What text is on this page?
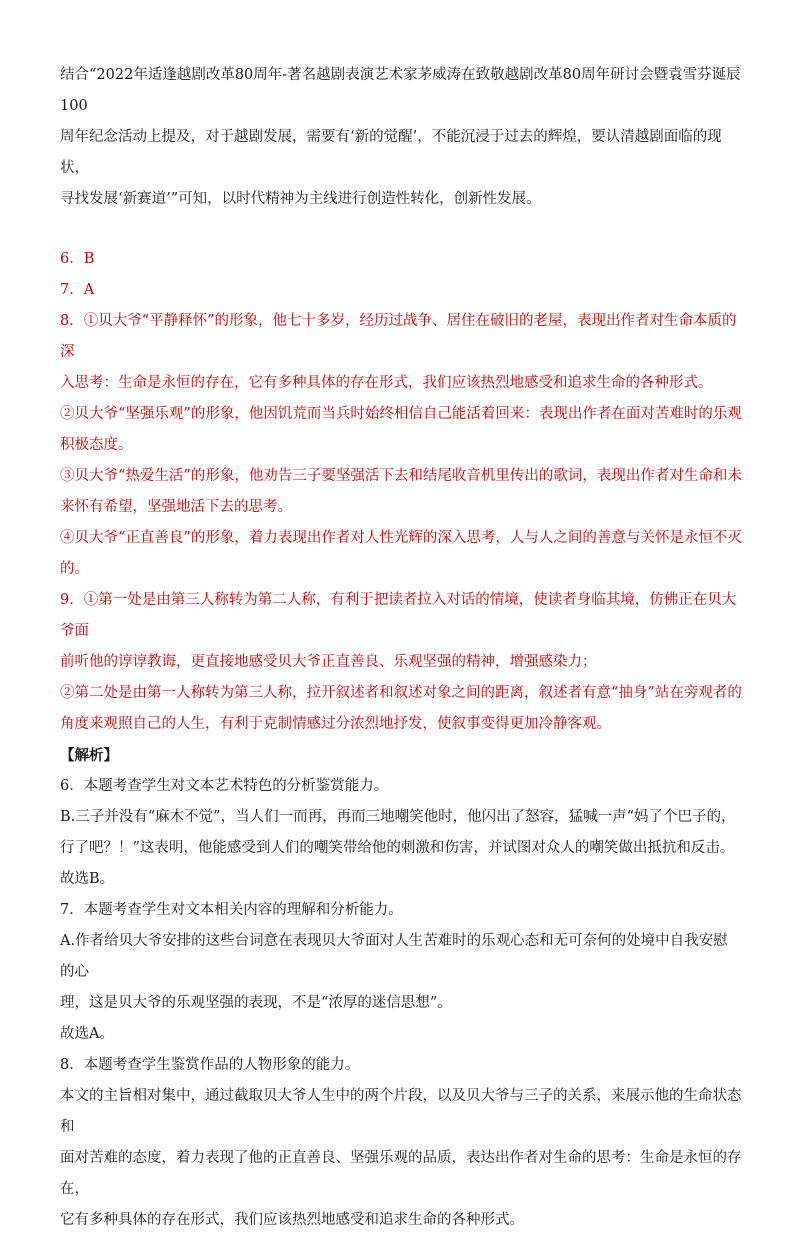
结合“2022年适逢越剧改革80周年-著名越剧表演艺术家茅威涛在致敬越剧改革80周年研讨会暨袁雪芬诞辰100

周年纪念活动上提及，对于越剧发展，需要有‘新的觉醒’，不能沉浸于过去的辉煌，要认清越剧面临的现状，

寻找发展‘新赛道’”可知，以时代精神为主线进行创造性转化，创新性发展。

6．B

7．A

8．①贝大爷“平静释怀”的形象，他七十多岁，经历过战争、居住在破旧的老屋，表现出作者对生命本质的深

入思考：生命是永恒的存在，它有多种具体的存在形式，我们应该热烈地感受和追求生命的各种形式。

②贝大爷“坚强乐观”的形象，他因饥荒而当兵时始终相信自己能活着回来：表现出作者在面对苦难时的乐观

积极态度。

③贝大爷“热爱生活”的形象，他劝告三子要坚强活下去和结尾收音机里传出的歌词，表现出作者对生命和未

来怀有希望，坚强地活下去的思考。

④贝大爷“正直善良”的形象，着力表现出作者对人性光辉的深入思考，人与人之间的善意与关怀是永恒不灭

的。

9．①第一处是由第三人称转为第二人称，有利于把读者拉入对话的情境，使读者身临其境，仿佛正在贝大爷面

前听他的谆谆教诲，更直接地感受贝大爷正直善良、乐观坚强的精神，增强感染力；

②第二处是由第一人称转为第三人称，拉开叙述者和叙述对象之间的距离，叙述者有意“抽身”站在旁观者的

角度来观照自己的人生，有利于克制情感过分浓烈地抒发，使叙事变得更加冷静客观。

【解析】

6．本题考查学生对文本艺术特色的分析鉴赏能力。

B.三子并没有“麻木不觉”，当人们一而再，再而三地嘲笑他时，他闪出了怒容，猛喊一声“妈了个巴子的，

行了吧？！”这表明，他能感受到人们的嘲笑带给他的刺激和伤害，并试图对众人的嘲笑做出抵抗和反击。

故选B。

7．本题考查学生对文本相关内容的理解和分析能力。

A.作者给贝大爷安排的这些台词意在表现贝大爷面对人生苦难时的乐观心态和无可奈何的处境中自我安慰的心

理，这是贝大爷的乐观坚强的表现，不是“浓厚的迷信思想”。

故选A。

8．本题考查学生鉴赏作品的人物形象的能力。

本文的主旨相对集中，通过截取贝大爷人生中的两个片段，以及贝大爷与三子的关系，来展示他的生命状态和

面对苦难的态度，着力表现了他的正直善良、坚强乐观的品质，表达出作者对生命的思考：生命是永恒的存在，

它有多种具体的存在形式，我们应该热烈地感受和追求生命的各种形式。
